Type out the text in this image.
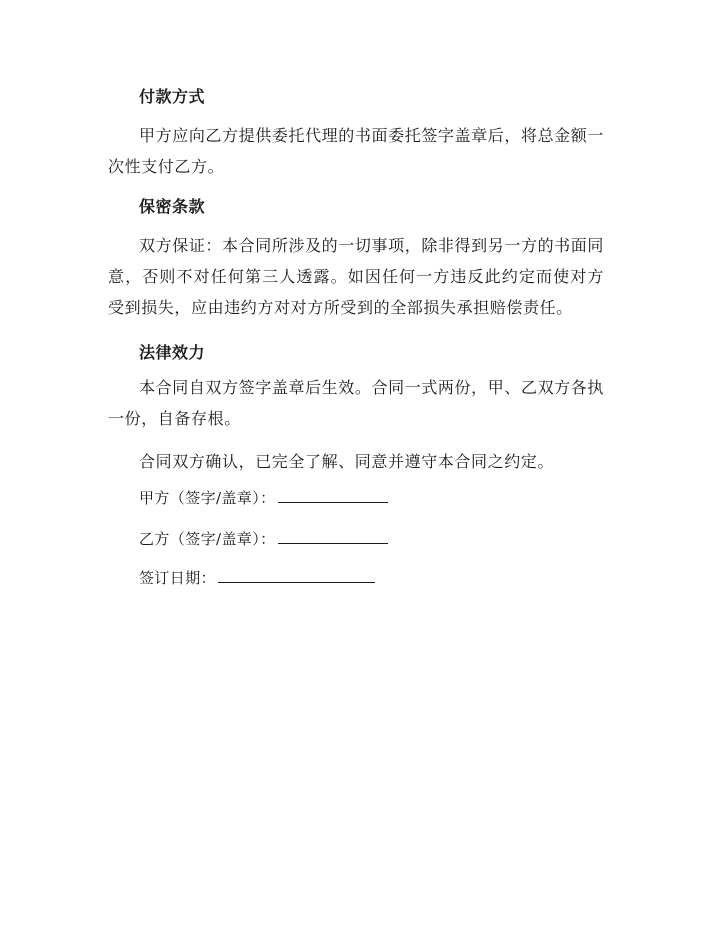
付款方式
甲方应向乙方提供委托代理的书面委托签字盖章后，将总金额一次性支付乙方。
保密条款
双方保证：本合同所涉及的一切事项，除非得到另一方的书面同意，否则不对任何第三人透露。如因任何一方违反此约定而使对方受到损失，应由违约方对对方所受到的全部损失承担赔偿责任。
法律效力
本合同自双方签字盖章后生效。合同一式两份，甲、乙双方各执一份，自备存根。
合同双方确认，已完全了解、同意并遵守本合同之约定。
甲方（签字/盖章）：
乙方（签字/盖章）：
签订日期：
